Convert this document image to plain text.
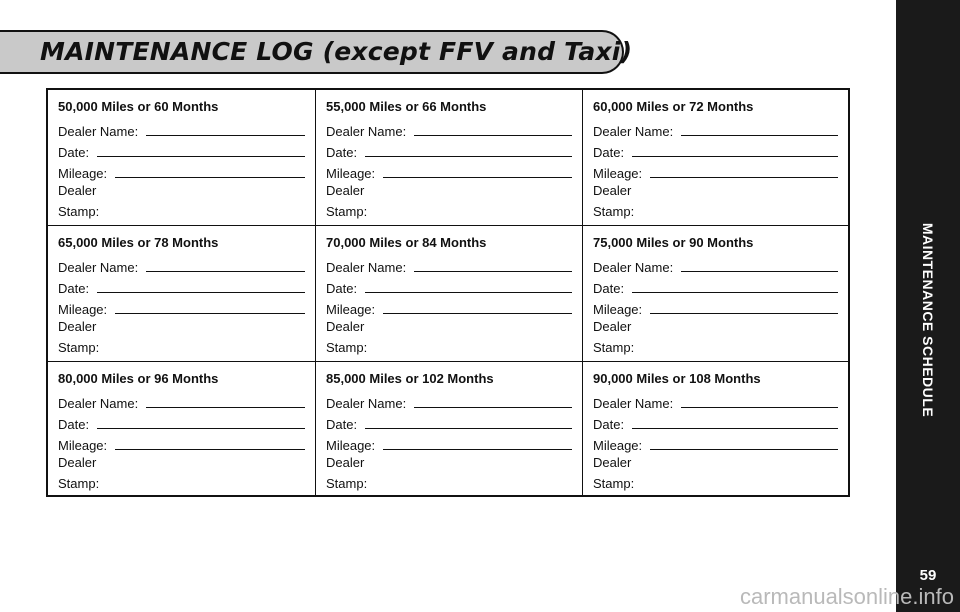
MAINTENANCE LOG (except FFV and Taxi)
MAINTENANCE SCHEDULE
59
50,000 Miles or 60 Months
Dealer Name:
Date:
Mileage:
Dealer
Stamp:
55,000 Miles or 66 Months
Dealer Name:
Date:
Mileage:
Dealer
Stamp:
60,000 Miles or 72 Months
Dealer Name:
Date:
Mileage:
Dealer
Stamp:
65,000 Miles or 78 Months
Dealer Name:
Date:
Mileage:
Dealer
Stamp:
70,000 Miles or 84 Months
Dealer Name:
Date:
Mileage:
Dealer
Stamp:
75,000 Miles or 90 Months
Dealer Name:
Date:
Mileage:
Dealer
Stamp:
80,000 Miles or 96 Months
Dealer Name:
Date:
Mileage:
Dealer
Stamp:
85,000 Miles or 102 Months
Dealer Name:
Date:
Mileage:
Dealer
Stamp:
90,000 Miles or 108 Months
Dealer Name:
Date:
Mileage:
Dealer
Stamp:
carmanualsonline.info
